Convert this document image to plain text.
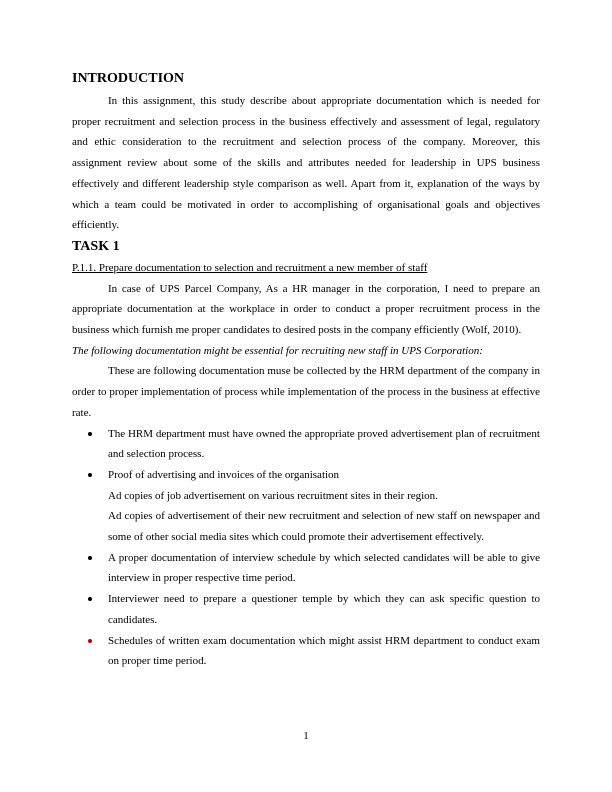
INTRODUCTION

In this assignment, this study describe about appropriate documentation which is needed for proper recruitment and selection process in the business effectively and assessment of legal, regulatory and ethic consideration to the recruitment and selection process of the company. Moreover, this assignment review about some of the skills and attributes needed for leadership in UPS business effectively and different leadership style comparison as well. Apart from it, explanation of the ways by which a team could be motivated in order to accomplishing of organisational goals and objectives efficiently.

TASK 1

P.1.1. Prepare documentation to selection and recruitment a new member of staff

In case of UPS Parcel Company, As a HR manager in the corporation, I need to prepare an appropriate documentation at the workplace in order to conduct a proper recruitment process in the business which furnish me proper candidates to desired posts in the company efficiently (Wolf, 2010).

The following documentation might be essential for recruiting new staff in UPS Corporation:

These are following documentation muse be collected by the HRM department of the company in order to proper implementation of process while implementation of the process in the business at effective rate.

The HRM department must have owned the appropriate proved advertisement plan of recruitment and selection process.
Proof of advertising and invoices of the organisation
Ad copies of job advertisement on various recruitment sites in their region.
Ad copies of advertisement of their new recruitment and selection of new staff on newspaper and some of other social media sites which could promote their advertisement effectively.
A proper documentation of interview schedule by which selected candidates will be able to give interview in proper respective time period.
Interviewer need to prepare a questioner temple by which they can ask specific question to candidates.
Schedules of written exam documentation which might assist HRM department to conduct exam on proper time period.
1
